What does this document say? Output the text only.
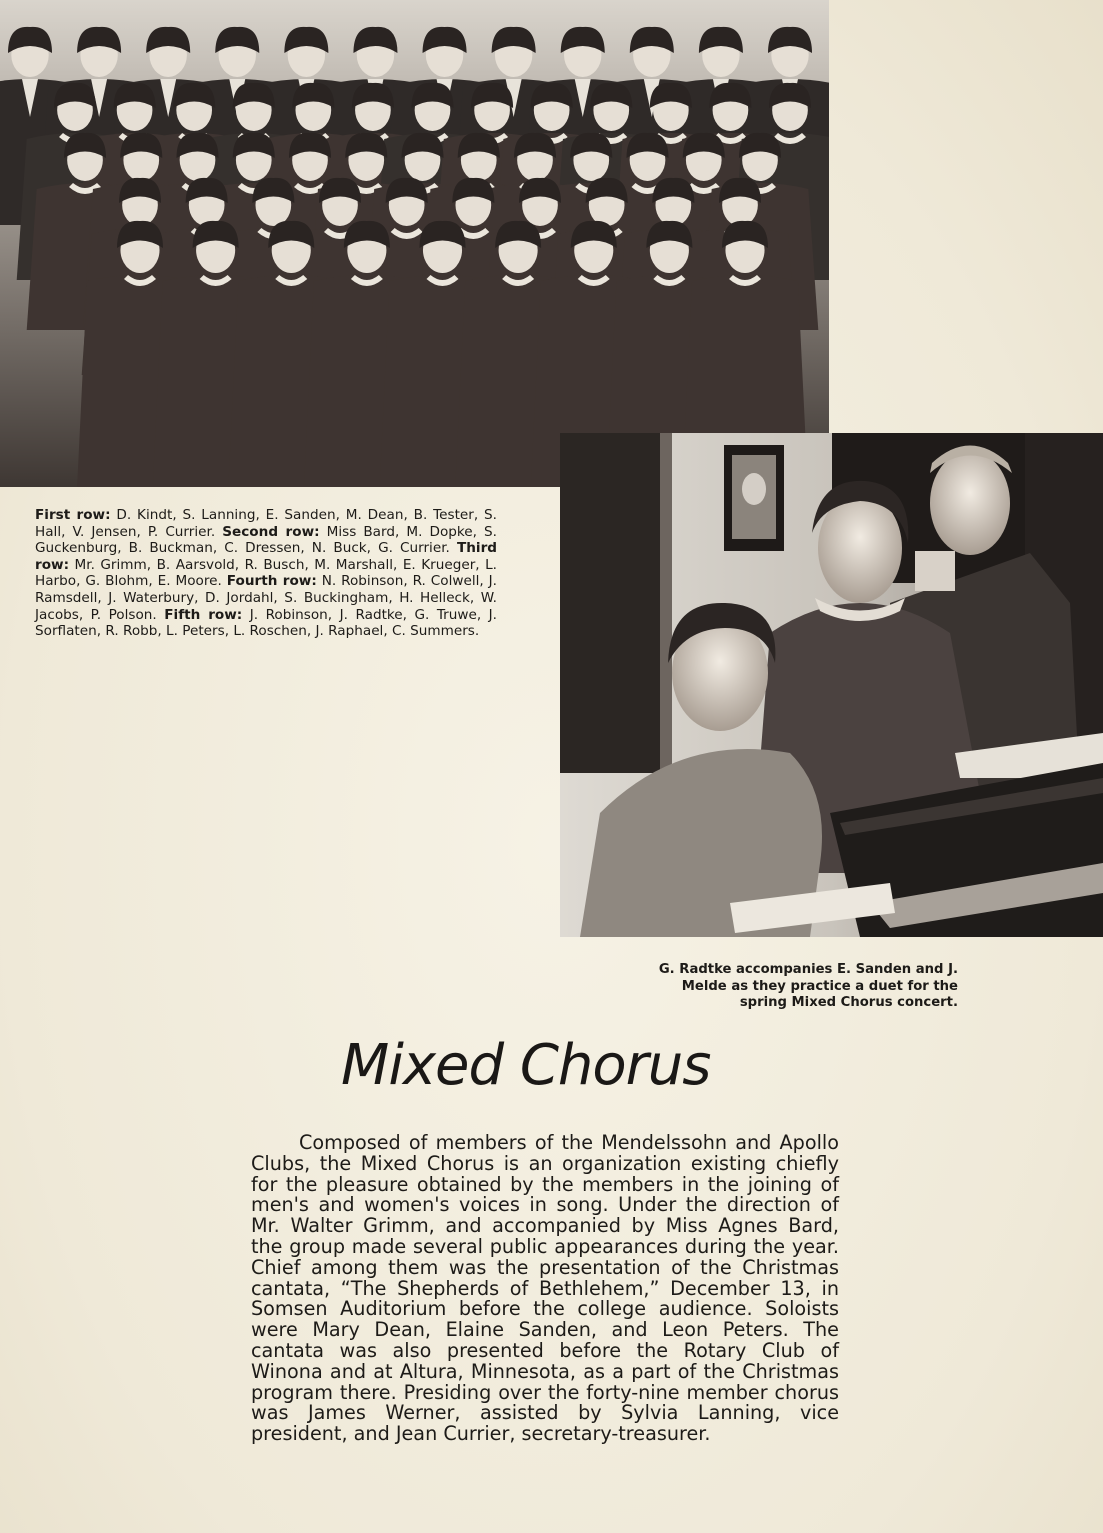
First row: D. Kindt, S. Lanning, E. Sanden, M. Dean, B. Tester, S. Hall, V. Jensen, P. Currier. Second row: Miss Bard, M. Dopke, S. Guckenburg, B. Buckman, C. Dressen, N. Buck, G. Currier. Third row: Mr. Grimm, B. Aarsvold, R. Busch, M. Marshall, E. Krueger, L. Harbo, G. Blohm, E. Moore. Fourth row: N. Robinson, R. Colwell, J. Ramsdell, J. Waterbury, D. Jordahl, S. Buckingham, H. Helleck, W. Jacobs, P. Polson. Fifth row: J. Robinson, J. Radtke, G. Truwe, J. Sorflaten, R. Robb, L. Peters, L. Roschen, J. Raphael, C. Summers.
G. Radtke accompanies E. Sanden and J. Melde as they practice a duet for the spring Mixed Chorus concert.
Mixed Chorus
Composed of members of the Mendelssohn and Apollo Clubs, the Mixed Chorus is an organization existing chiefly for the pleasure obtained by the members in the joining of men's and women's voices in song. Under the direction of Mr. Walter Grimm, and accompanied by Miss Agnes Bard, the group made several public appearances during the year. Chief among them was the presentation of the Christmas cantata, “The Shepherds of Bethlehem,” December 13, in Somsen Auditorium before the college audience. Soloists were Mary Dean, Elaine Sanden, and Leon Peters. The cantata was also presented before the Rotary Club of Winona and at Altura, Minnesota, as a part of the Christmas program there. Presiding over the forty-nine member chorus was James Werner, assisted by Sylvia Lanning, vice president, and Jean Currier, secretary-treasurer.
